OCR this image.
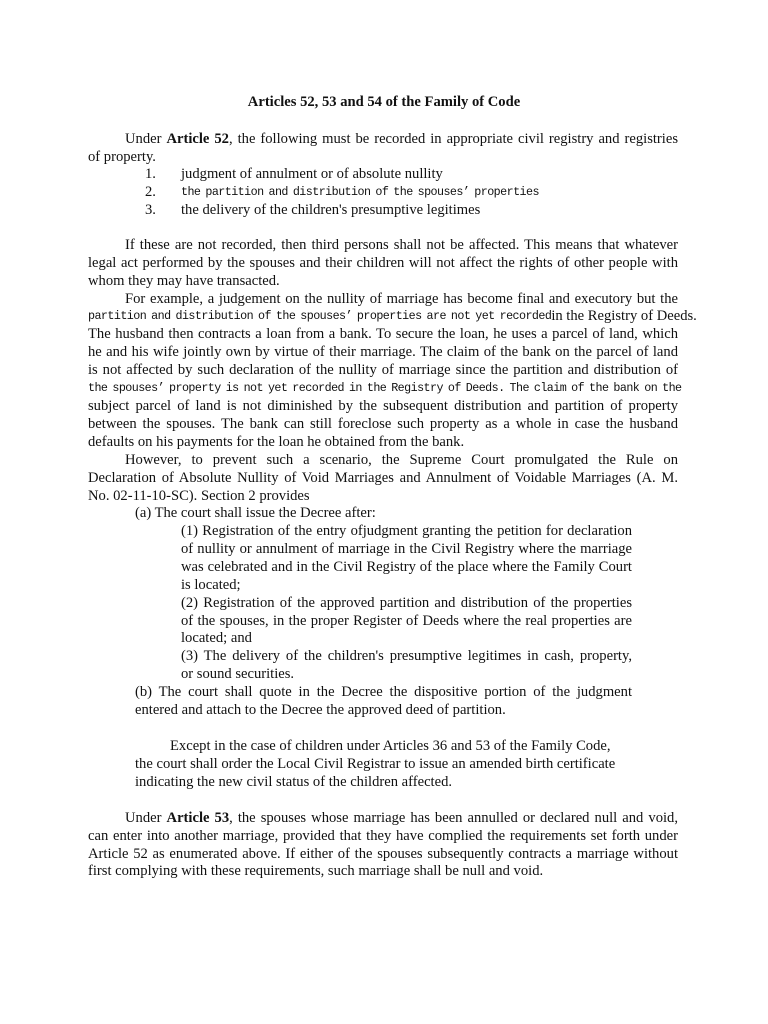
Articles 52, 53 and 54 of the Family of Code
Under Article 52, the following must be recorded in appropriate civil registry and registries
of property.
1. judgment of annulment or of absolute nullity
2. the partition and distribution of the spouses’ properties
3. the delivery of the children's presumptive legitimes
If these are not recorded, then third persons shall not be affected. This means that whatever
legal act performed by the spouses and their children will not affect the rights of other people with
whom they may have transacted.
For example, a judgement on the nullity of marriage has become final and executory but the
partition and distribution of the spouses’ properties are not yet recorded in the Registry of Deeds.
The husband then contracts a loan from a bank. To secure the loan, he uses a parcel of land, which
he and his wife jointly own by virtue of their marriage. The claim of the bank on the parcel of land
is not affected by such declaration of the nullity of marriage since the partition and distribution of
the spouses’ property is not yet recorded in the Registry of Deeds. The claim of the bank on the
subject parcel of land is not diminished by the subsequent distribution and partition of property
between the spouses. The bank can still foreclose such property as a whole in case the husband
defaults on his payments for the loan he obtained from the bank.
However, to prevent such a scenario, the Supreme Court promulgated the Rule on
Declaration of Absolute Nullity of Void Marriages and Annulment of Voidable Marriages (A. M.
No. 02-11-10-SC). Section 2 provides
(a) The court shall issue the Decree after:
(1) Registration of the entry ofjudgment granting the petition for declaration
of nullity or annulment of marriage in the Civil Registry where the marriage
was celebrated and in the Civil Registry of the place where the Family Court
is located;
(2) Registration of the approved partition and distribution of the properties
of the spouses, in the proper Register of Deeds where the real properties are
located; and
(3) The delivery of the children's presumptive legitimes in cash, property,
or sound securities.
(b) The court shall quote in the Decree the dispositive portion of the judgment
entered and attach to the Decree the approved deed of partition.
Except in the case of children under Articles 36 and 53 of the Family Code,
the court shall order the Local Civil Registrar to issue an amended birth certificate
indicating the new civil status of the children affected.
Under Article 53, the spouses whose marriage has been annulled or declared null and void,
can enter into another marriage, provided that they have complied the requirements set forth under
Article 52 as enumerated above. If either of the spouses subsequently contracts a marriage without
first complying with these requirements, such marriage shall be null and void.
